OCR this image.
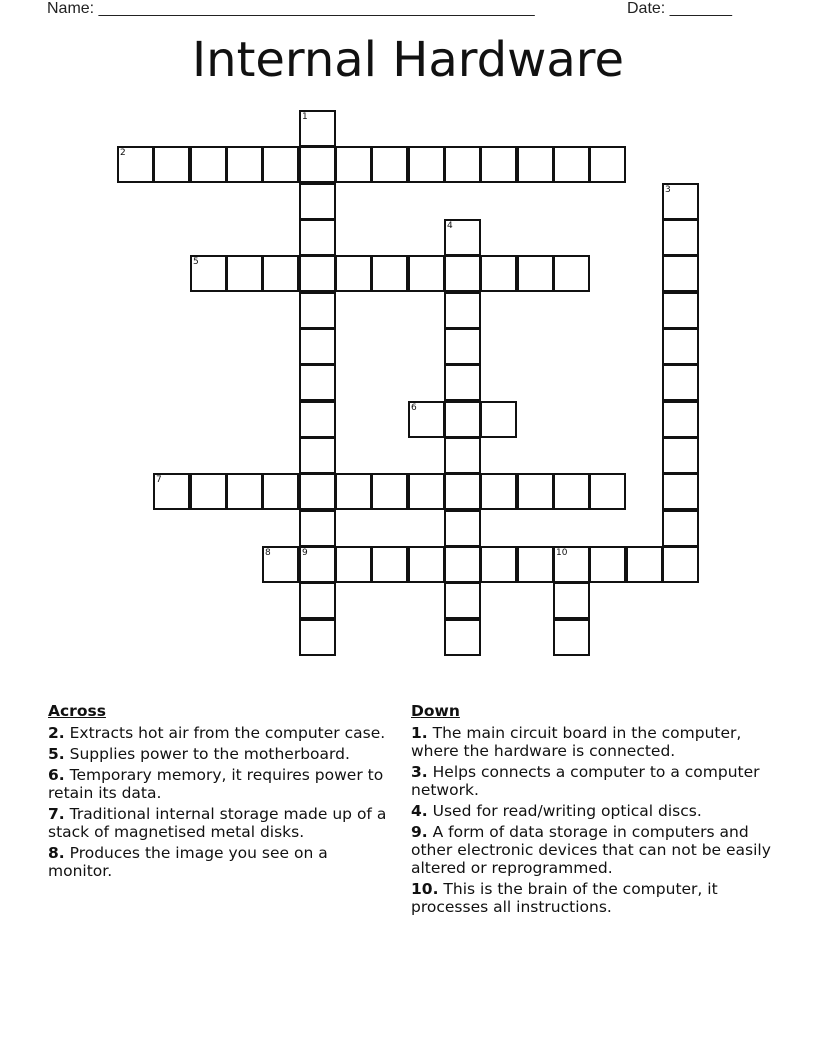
Name: _________________________________________________	Date: _______
Internal Hardware
1
9
2
3
4
5
6
7
8	10
Across
2. Extracts hot air from the computer case.
5. Supplies power to the motherboard.
6. Temporary memory, it requires power to retain its data.
7. Traditional internal storage made up of a stack of magnetised metal disks.
8. Produces the image you see on a monitor.
Down
1. The main circuit board in the computer, where the hardware is connected.
3. Helps connects a computer to a computer network.
4. Used for read/writing optical discs.
9. A form of data storage in computers and other electronic devices that can not be easily altered or reprogrammed.
10. This is the brain of the computer, it processes all instructions.
